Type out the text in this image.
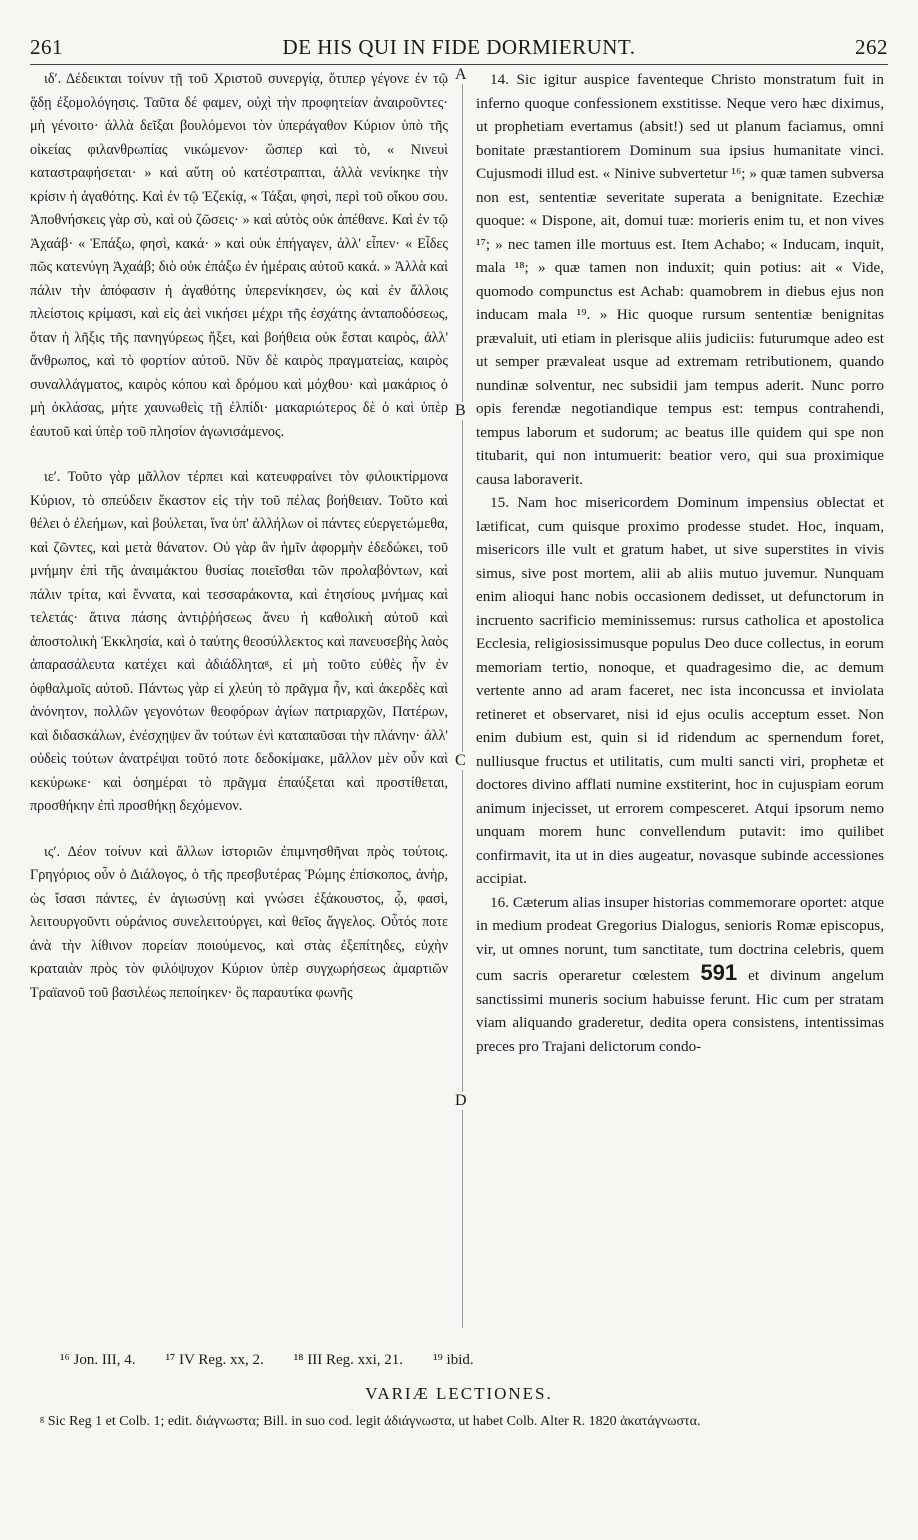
261	DE HIS QUI IN FIDE DORMIERUNT.	262

ιδʹ. Δέδεικται τοίνυν τῇ τοῦ Χριστοῦ συνεργίᾳ, ὅτιπερ γέγονε ἐν τῷ ᾅδῃ ἐξομολόγησις. Ταῦτα δέ φαμεν, οὐχὶ τὴν προφητείαν ἀναιροῦντες· μὴ γένοιτο· ἀλλὰ δεῖξαι βουλόμενοι τὸν ὑπεράγαθον Κύριον ὑπὸ τῆς οἰκείας φιλανθρωπίας νικώμενον· ὥσπερ καὶ τὸ, « Νινευὶ καταστραφήσεται· » καὶ αὕτη οὐ κατέστραπται, ἀλλὰ νενίκηκε τὴν κρίσιν ἡ ἀγαθότης. Καὶ ἐν τῷ Ἐζεκίᾳ, « Τάξαι, φησὶ, περὶ τοῦ οἴκου σου. Ἀποθνήσκεις γὰρ σὺ, καὶ οὐ ζῶσεις· » καὶ αὐτὸς οὐκ ἀπέθανε. Καὶ ἐν τῷ Ἀχαάβ· « Ἐπάξω, φησὶ, κακά· » καὶ οὐκ ἐπήγαγεν, ἀλλ' εἶπεν· « Εἶδες πῶς κατενύγη Ἀχαάβ; διὸ οὐκ ἐπάξω ἐν ἡμέραις αὐτοῦ κακά. » Ἀλλὰ καὶ πάλιν τὴν ἀπόφασιν ἡ ἀγαθότης ὑπερενίκησεν, ὡς καὶ ἐν ἄλλοις πλείστοις κρίμασι, καὶ εἰς ἀεὶ νικήσει μέχρι τῆς ἐσχάτης ἀνταποδόσεως, ὅταν ἡ λῆξις τῆς πανηγύρεως ἥξει, καὶ βοήθεια οὐκ ἔσται καιρὸς, ἀλλ' ἄνθρωπος, καὶ τὸ φορτίον αὐτοῦ. Νῦν δὲ καιρὸς πραγματείας, καιρὸς συναλλάγματος, καιρὸς κόπου καὶ δρόμου καὶ μόχθου· καὶ μακάριος ὁ μὴ ὀκλάσας, μήτε χαυνωθεὶς τῇ ἐλπίδι· μακαριώτερος δὲ ὁ καὶ ὑπὲρ ἑαυτοῦ καὶ ὑπὲρ τοῦ πλησίον ἀγωνισάμενος.

ιεʹ. Τοῦτο γὰρ μᾶλλον τέρπει καὶ κατευφραίνει τὸν φιλοικτίρμονα Κύριον, τὸ σπεύδειν ἕκαστον εἰς τὴν τοῦ πέλας βοήθειαν. Τοῦτο καὶ θέλει ὁ ἐλεήμων, καὶ βούλεται, ἵνα ὑπ' ἀλλήλων οἱ πάντες εὐεργετώμεθα, καὶ ζῶντες, καὶ μετὰ θάνατον. Οὐ γὰρ ἂν ἡμῖν ἀφορμὴν ἐδεδώκει, τοῦ μνήμην ἐπὶ τῆς ἀναιμάκτου θυσίας ποιεῖσθαι τῶν προλαβόντων, καὶ πάλιν τρίτα, καὶ ἔννατα, καὶ τεσσαράκοντα, καὶ ἐτησίους μνήμας καὶ τελετάς· ἅτινα πάσης ἀντιῤῥήσεως ἄνευ ἡ καθολικὴ αὐτοῦ καὶ ἀποστολικὴ Ἐκκλησία, καὶ ὁ ταύτης θεοσύλλεκτος καὶ πανευσεβὴς λαὸς ἀπαρασάλευτα κατέχει καὶ ἀδιάδληταᵍ, εἰ μὴ τοῦτο εὐθὲς ἦν ἐν ὀφθαλμοῖς αὐτοῦ. Πάντως γὰρ εἰ χλεύη τὸ πρᾶγμα ἦν, καὶ ἀκερδὲς καὶ ἀνόνητον, πολλῶν γεγονότων θεοφόρων ἁγίων πατριαρχῶν, Πατέρων, καὶ διδασκάλων, ἐνέσχηψεν ἂν τούτων ἑνὶ καταπαῦσαι τὴν πλάνην· ἀλλ' οὐδεὶς τούτων ἀνατρέψαι τοῦτό ποτε δεδοκίμακε, μᾶλλον μὲν οὖν καὶ κεκύρωκε· καὶ ὁσημέραι τὸ πρᾶγμα ἐπαύξεται καὶ προστίθεται, προσθήκην ἐπὶ προσθήκῃ δεχόμενον.

ιςʹ. Δέον τοίνυν καὶ ἄλλων ἱστοριῶν ἐπιμνησθῆναι πρὸς τούτοις. Γρηγόριος οὖν ὁ Διάλογος, ὁ τῆς πρεσβυτέρας Ῥώμης ἐπίσκοπος, ἀνὴρ, ὡς ἴσασι πάντες, ἐν ἁγιωσύνῃ καὶ γνώσει ἐξάκουστος, ᾧ, φασὶ, λειτουργοῦντι οὐράνιος συνελειτούργει, καὶ θεῖος ἄγγελος. Οὗτός ποτε ἀνὰ τὴν λίθινον πορείαν ποιούμενος, καὶ στὰς ἐξεπίτηδες, εὐχὴν κραταιὰν πρὸς τὸν φιλόψυχον Κύριον ὑπὲρ συγχωρήσεως ἁμαρτιῶν Τραϊανοῦ τοῦ βασιλέως πεποίηκεν· ὃς παραυτίκα φωνῆς

A
B
C
D

14. Sic igitur auspice faventeque Christo monstratum fuit in inferno quoque confessionem exstitisse. Neque vero hæc diximus, ut prophetiam evertamus (absit!) sed ut planum faciamus, omni bonitate præstantiorem Dominum sua ipsius humanitate vinci. Cujusmodi illud est. « Ninive subvertetur ¹⁶; » quæ tamen subversa non est, sententiæ severitate superata a benignitate. Ezechiæ quoque: « Dispone, ait, domui tuæ: morieris enim tu, et non vives ¹⁷; » nec tamen ille mortuus est. Item Achabo; « Inducam, inquit, mala ¹⁸; » quæ tamen non induxit; quin potius: ait « Vide, quomodo compunctus est Achab: quamobrem in diebus ejus non inducam mala ¹⁹. » Hic quoque rursum sententiæ benignitas prævaluit, uti etiam in plerisque aliis judiciis: futurumque adeo est ut semper prævaleat usque ad extremam retributionem, quando nundinæ solventur, nec subsidii jam tempus aderit. Nunc porro opis ferendæ negotiandique tempus est: tempus contrahendi, tempus laborum et sudorum; ac beatus ille quidem qui spe non titubarit, qui non intumuerit: beatior vero, qui sua proximique causa laboraverit.

15. Nam hoc misericordem Dominum impensius oblectat et lætificat, cum quisque proximo prodesse studet. Hoc, inquam, misericors ille vult et gratum habet, ut sive superstites in vivis simus, sive post mortem, alii ab aliis mutuo juvemur. Nunquam enim alioqui hanc nobis occasionem dedisset, ut defunctorum in incruento sacrificio meminissemus: rursus catholica et apostolica Ecclesia, religiosissimusque populus Deo duce collectus, in eorum memoriam tertio, nonoque, et quadragesimo die, ac demum vertente anno ad aram faceret, nec ista inconcussa et inviolata retineret et observaret, nisi id ejus oculis acceptum esset. Non enim dubium est, quin si id ridendum ac spernendum foret, nulliusque fructus et utilitatis, cum multi sancti viri, prophetæ et doctores divino afflati numine exstiterint, hoc in cujuspiam eorum animum injecisset, ut errorem compesceret. Atqui ipsorum nemo unquam morem hunc convellendum putavit: imo quilibet confirmavit, ita ut in dies augeatur, novasque subinde accessiones accipiat.

16. Cæterum alias insuper historias commemorare oportet: atque in medium prodeat Gregorius Dialogus, senioris Romæ episcopus, vir, ut omnes norunt, tum sanctitate, tum doctrina celebris, quem cum sacris operaretur cœlestem 591 et divinum angelum sanctissimi muneris socium habuisse ferunt. Hic cum per stratam viam aliquando graderetur, dedita opera consistens, intentissimas preces pro Trajani delictorum condo-

¹⁶ Jon. III, 4. ¹⁷ IV Reg. xx, 2. ¹⁸ III Reg. xxi, 21. ¹⁹ ibid.
VARIÆ LECTIONES.
ᵍ Sic Reg 1 et Colb. 1; edit. διάγνωστα; Bill. in suo cod. legit ἀδιάγνωστα, ut habet Colb. Alter R. 1820 ἀκατάγνωστα.
